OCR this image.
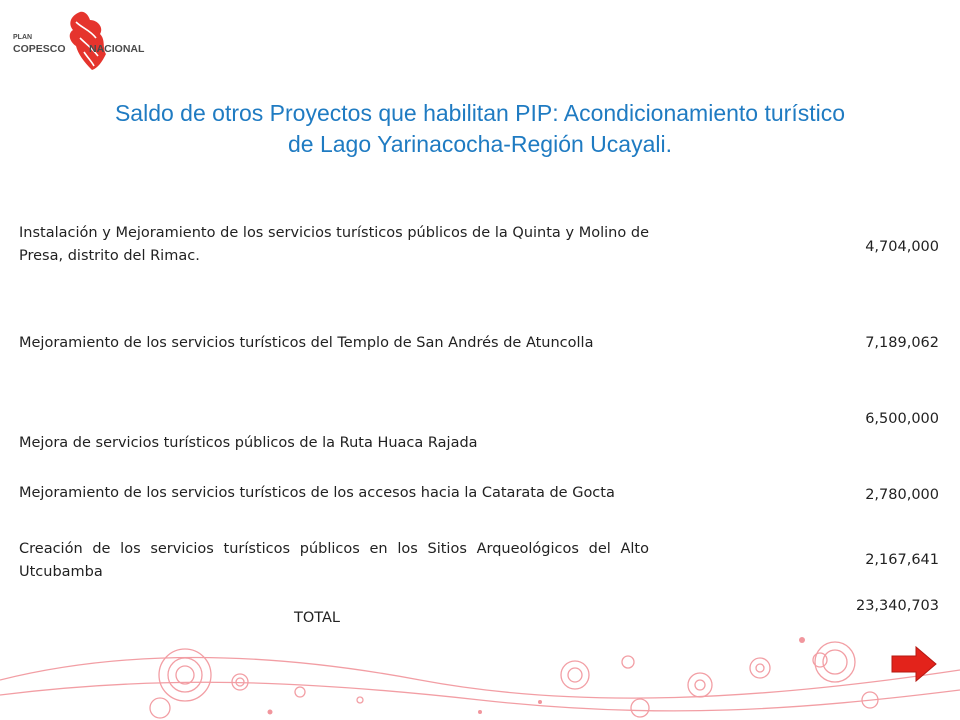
PLAN
COPESCO NACIONAL
Saldo de otros Proyectos que habilitan PIP: Acondicionamiento turístico
de Lago Yarinacocha-Región Ucayali.
Instalación y Mejoramiento de los servicios turísticos públicos de la Quinta y Molino de Presa, distrito del Rimac.
4,704,000
Mejoramiento de los servicios turísticos del Templo de San Andrés de Atuncolla	7,189,062
Mejora de servicios turísticos públicos de la Ruta Huaca Rajada
6,500,000
Mejoramiento de los servicios turísticos de los accesos hacia la Catarata de Gocta	2,780,000
Creación de los servicios turísticos públicos en los Sitios Arqueológicos del Alto Utcubamba
2,167,641
TOTAL
23,340,703
